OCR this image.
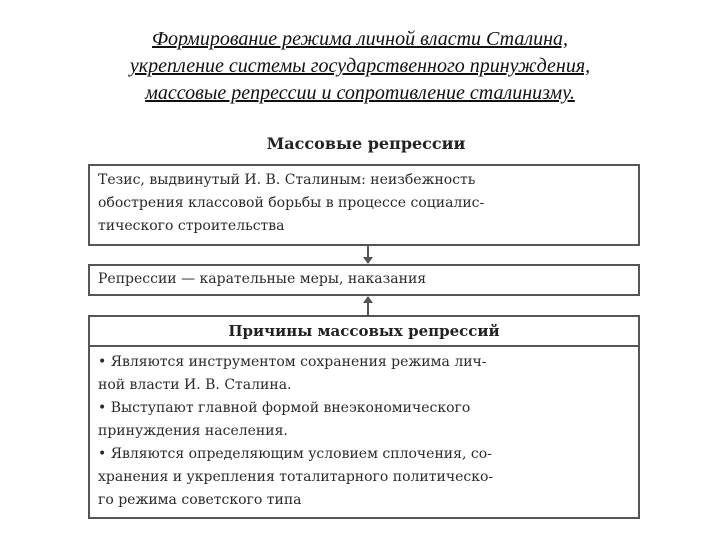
Формирование режима личной власти Сталина,
укрепление системы государственного принуждения,
массовые репрессии и сопротивление сталинизму.
Массовые репрессии
Тезис, выдвинутый И. В. Сталиным: неизбежность
обострения классовой борьбы в процессе социалис-
тического строительства
Репрессии — карательные меры, наказания
Причины массовых репрессий
• Являются инструментом сохранения режима лич-
ной власти И. В. Сталина.
• Выступают главной формой внеэкономического
принуждения населения.
• Являются определяющим условием сплочения, со-
хранения и укрепления тоталитарного политическо-
го режима советского типа
